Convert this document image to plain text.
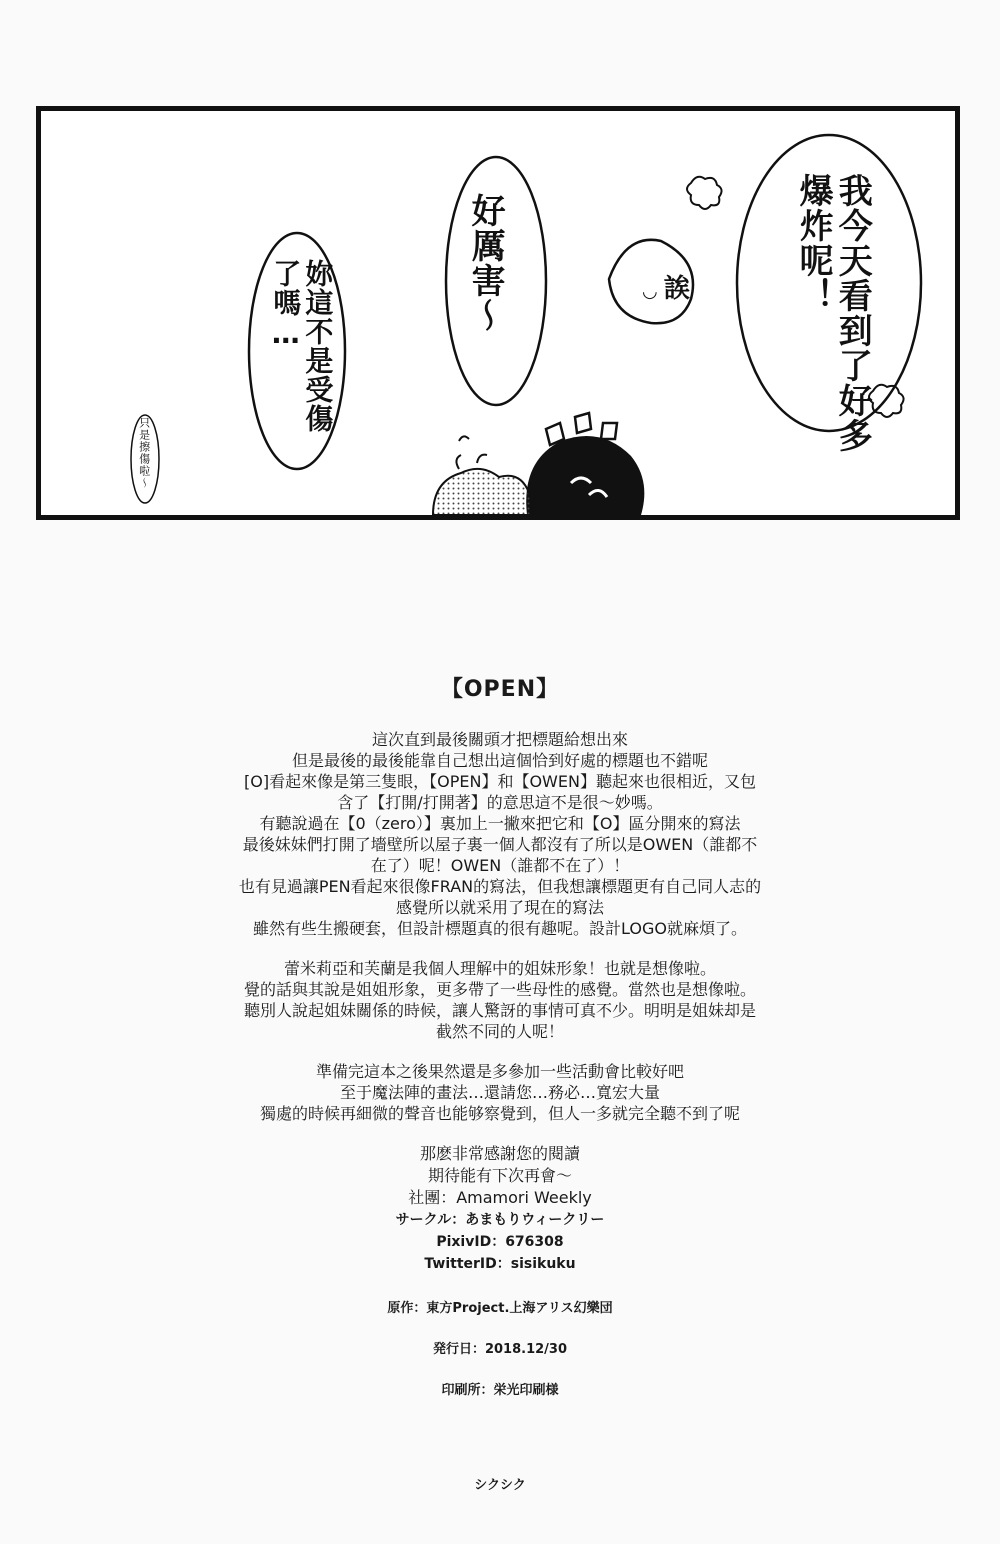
我今天看到了好多爆炸呢！
好厲害〜
妳這不是受傷了嗎…
只是擦傷啦〜
◡ 誒
【OPEN】
這次直到最後關頭才把標題給想出來
但是最後的最後能靠自己想出這個恰到好處的標題也不錯呢
[O]看起來像是第三隻眼，【OPEN】和【OWEN】聽起來也很相近，又包
含了【打開/打開著】的意思這不是很〜妙嗎。
有聽說過在【0（zero）】裏加上一撇來把它和【O】區分開來的寫法
最後妹妹們打開了墻壁所以屋子裏一個人都沒有了所以是OWEN（誰都不
在了）呢！OWEN（誰都不在了）！
也有見過讓PEN看起來很像FRAN的寫法，但我想讓標題更有自己同人志的
感覺所以就采用了現在的寫法
雖然有些生搬硬套，但設計標題真的很有趣呢。設計LOGO就麻煩了。
蕾米莉亞和芙蘭是我個人理解中的姐妹形象！也就是想像啦。
覺的話與其說是姐姐形象，更多帶了一些母性的感覺。當然也是想像啦。
聽別人說起姐妹關係的時候，讓人驚訝的事情可真不少。明明是姐妹却是
截然不同的人呢！
準備完這本之後果然還是多參加一些活動會比較好吧
至于魔法陣的畫法…還請您…務必…寬宏大量
獨處的時候再細微的聲音也能够察覺到，但人一多就完全聽不到了呢
那麽非常感謝您的閱讀
期待能有下次再會〜
社團：Amamori Weekly
サークル：あまもりウィークリー
PixivID：676308
TwitterID：sisikuku
原作：東方Project.上海アリス幻樂団
発行日：2018.12/30
印刷所：栄光印刷様
シクシク
